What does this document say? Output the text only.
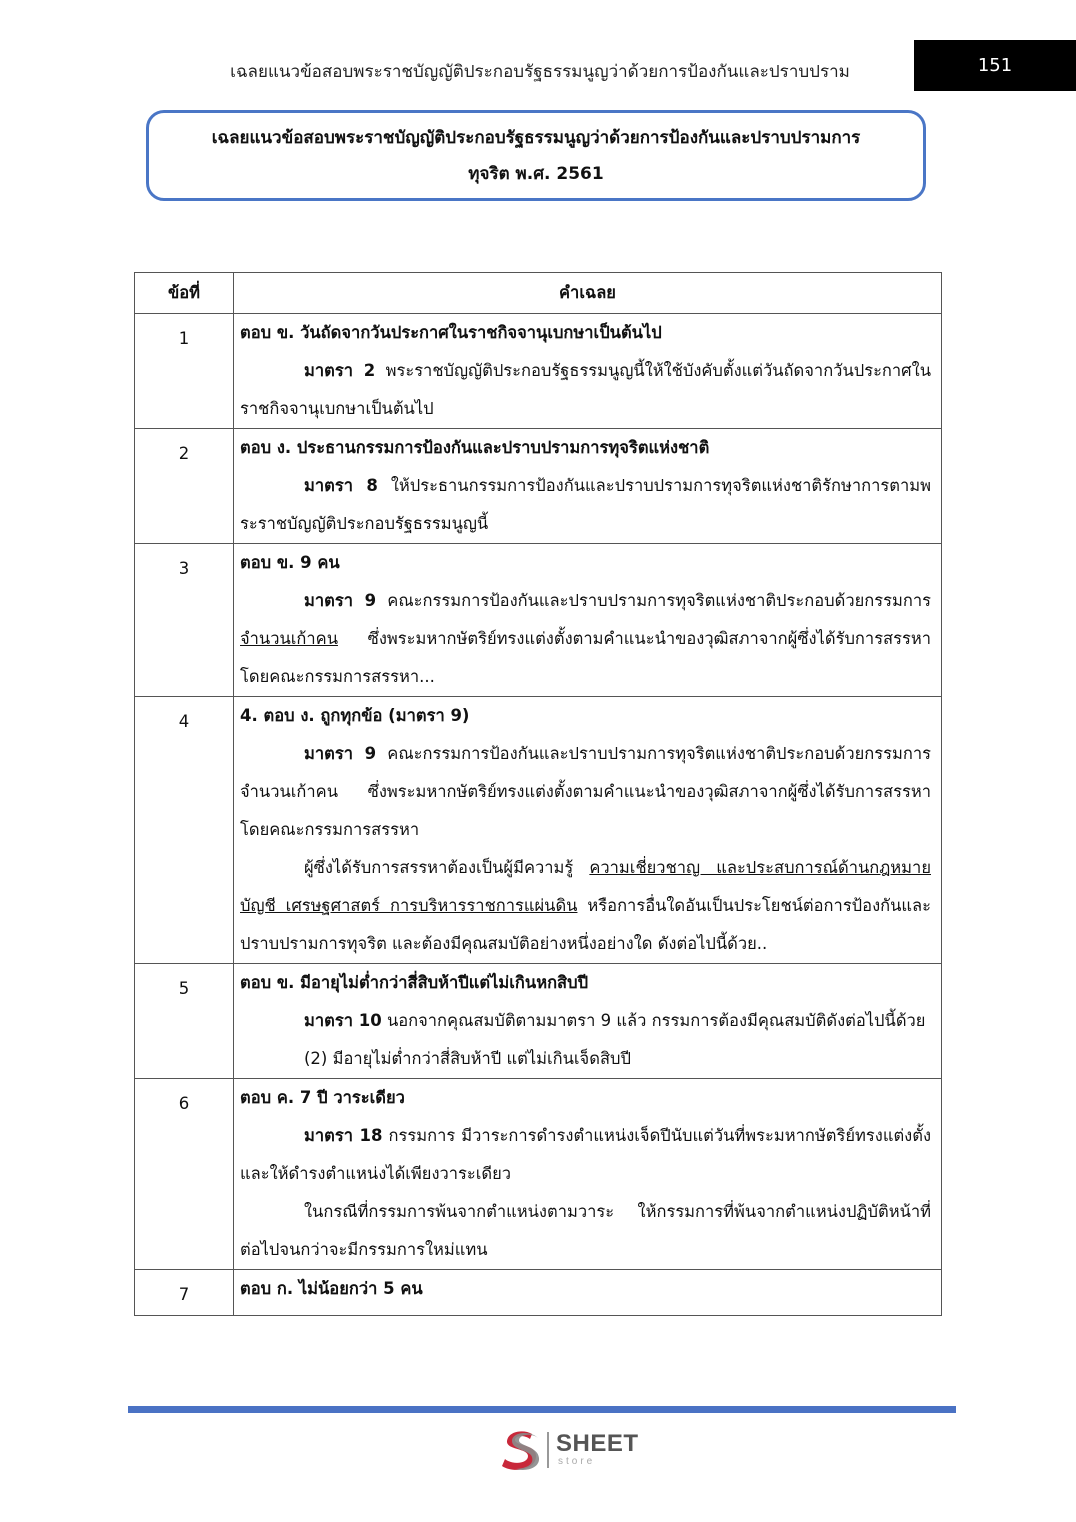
เฉลยแนวข้อสอบพระราชบัญญัติประกอบรัฐธรรมนูญว่าด้วยการป้องกันและปราบปราม	151
เฉลยแนวข้อสอบพระราชบัญญัติประกอบรัฐธรรมนูญว่าด้วยการป้องกันและปราบปรามการ
ทุจริต พ.ศ. 2561
ข้อที่	คำเฉลย
1	ตอบ ข. วันถัดจากวันประกาศในราชกิจจานุเบกษาเป็นต้นไป
มาตรา 2 พระราชบัญญัติประกอบรัฐธรรมนูญนี้ให้ใช้บังคับตั้งแต่วันถัดจากวันประกาศในราชกิจจานุเบกษาเป็นต้นไป

2	ตอบ ง. ประธานกรรมการป้องกันและปราบปรามการทุจริตแห่งชาติ
มาตรา 8 ให้ประธานกรรมการป้องกันและปราบปรามการทุจริตแห่งชาติรักษาการตามพระราชบัญญัติประกอบรัฐธรรมนูญนี้

3	ตอบ ข. 9 คน
มาตรา 9 คณะกรรมการป้องกันและปราบปรามการทุจริตแห่งชาติประกอบด้วยกรรมการจำนวนเก้าคน ซึ่งพระมหากษัตริย์ทรงแต่งตั้งตามคำแนะนำของวุฒิสภาจากผู้ซึ่งได้รับการสรรหาโดยคณะกรรมการสรรหา...

4	4. ตอบ ง. ถูกทุกข้อ (มาตรา 9)
มาตรา 9 คณะกรรมการป้องกันและปราบปรามการทุจริตแห่งชาติประกอบด้วยกรรมการจำนวนเก้าคน ซึ่งพระมหากษัตริย์ทรงแต่งตั้งตามคำแนะนำของวุฒิสภาจากผู้ซึ่งได้รับการสรรหาโดยคณะกรรมการสรรหา
ผู้ซึ่งได้รับการสรรหาต้องเป็นผู้มีความรู้ ความเชี่ยวชาญ และประสบการณ์ด้านกฎหมาย บัญชี เศรษฐศาสตร์ การบริหารราชการแผ่นดิน หรือการอื่นใดอันเป็นประโยชน์ต่อการป้องกันและปราบปรามการทุจริต และต้องมีคุณสมบัติอย่างหนึ่งอย่างใด ดังต่อไปนี้ด้วย..

5	ตอบ ข. มีอายุไม่ต่ำกว่าสี่สิบห้าปีแต่ไม่เกินหกสิบปี
มาตรา 10 นอกจากคุณสมบัติตามมาตรา 9 แล้ว กรรมการต้องมีคุณสมบัติดังต่อไปนี้ด้วย
(2) มีอายุไม่ต่ำกว่าสี่สิบห้าปี แต่ไม่เกินเจ็ดสิบปี

6	ตอบ ค. 7 ปี วาระเดียว
มาตรา 18 กรรมการ มีวาระการดำรงตำแหน่งเจ็ดปีนับแต่วันที่พระมหากษัตริย์ทรงแต่งตั้งและให้ดำรงตำแหน่งได้เพียงวาระเดียว
ในกรณีที่กรรมการพ้นจากตำแหน่งตามวาระ ให้กรรมการที่พ้นจากตำแหน่งปฏิบัติหน้าที่ต่อไปจนกว่าจะมีกรรมการใหม่แทน

7	ตอบ ก. ไม่น้อยกว่า 5 คน
SHEET
store
